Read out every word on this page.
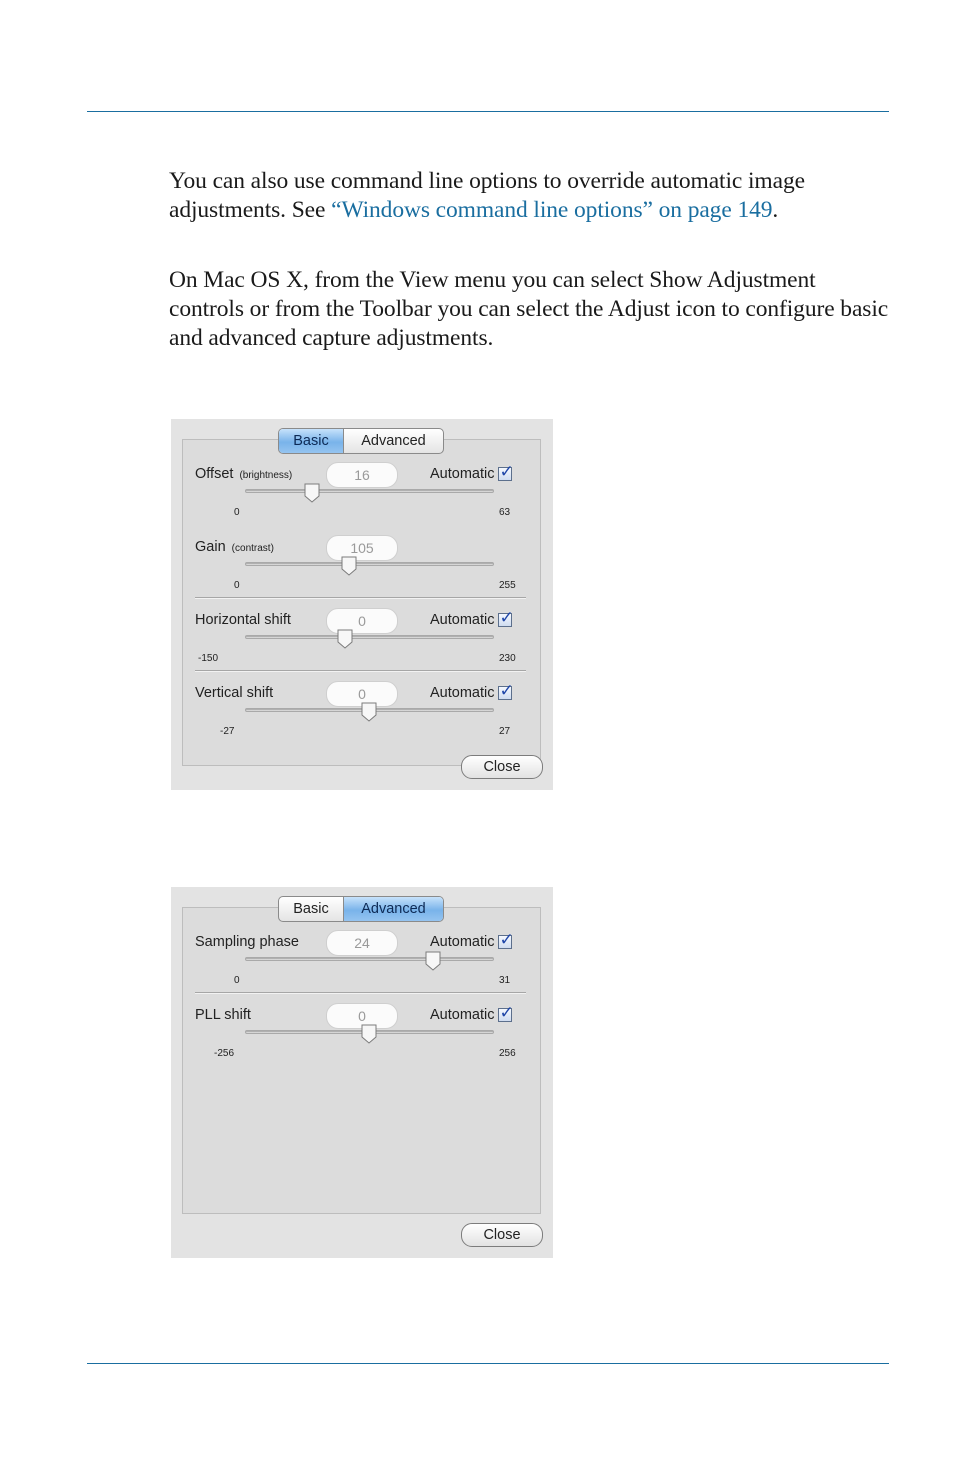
You can also use command line options to override automatic image adjustments. See “Windows command line options” on page 149.
On Mac OS X, from the View menu you can select Show Adjustment controls or from the Toolbar you can select the Adjust icon to configure basic and advanced capture adjustments.
Basic	Advanced
Offset (brightness)	16	Automatic ✓
0	63
Gain (contrast)	105
0	255
Horizontal shift	0	Automatic ✓
-150	230
Vertical shift	0	Automatic ✓
-27	27
Close
Basic	Advanced
Sampling phase	24	Automatic ✓
0	31
PLL shift	0	Automatic ✓
-256	256
Close
